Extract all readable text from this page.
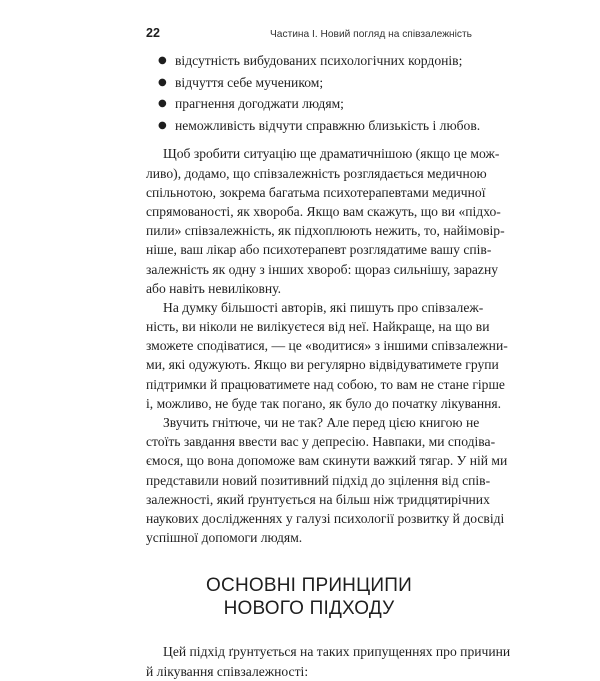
22	Частина І. Новий погляд на співзалежність
● відсутність вибудованих психологічних кордонів;
● відчуття себе мучеником;
● прагнення догоджати людям;
● неможливість відчути справжню близькість і любов.

Щоб зробити ситуацію ще драматичнішою (якщо це мож-
ливо), додамо, що співзалежність розглядається медичною
спільнотою, зокрема багатьма психотерапевтами медичної
спрямованості, як хвороба. Якщо вам скажуть, що ви «підхо-
пили» співзалежність, як підхоплюють нежить, то, найімовір-
ніше, ваш лікар або психотерапевт розглядатиме вашу спів-
залежність як одну з інших хвороб: щораз сильнішу, зарazну
або навіть невиліковну.

На думку більшості авторів, які пишуть про співзалеж-
ність, ви ніколи не вилікуєтеся від неї. Найкраще, на що ви
зможете сподіватися, — це «водитися» з іншими співзалежни-
ми, які одужують. Якщо ви регулярно відвідуватимете групи
підтримки й працюватимете над собою, то вам не стане гірше
і, можливо, не буде так погано, як було до початку лікування.

Звучить гнітюче, чи не так? Але перед цією книгою не
стоїть завдання ввести вас у депресію. Навпаки, ми сподіва-
ємося, що вона допоможе вам скинути важкий тягар. У ній ми
представили новий позитивний підхід до зцілення від спів-
залежності, який ґрунтується на більш ніж тридцятирічних
наукових дослідженнях у галузі психології розвитку й досвіді
успішної допомоги людям.

ОСНОВНІ ПРИНЦИПИ
НОВОГО ПІДХОДУ

Цей підхід ґрунтується на таких припущеннях про причини
й лікування співзалежності:
